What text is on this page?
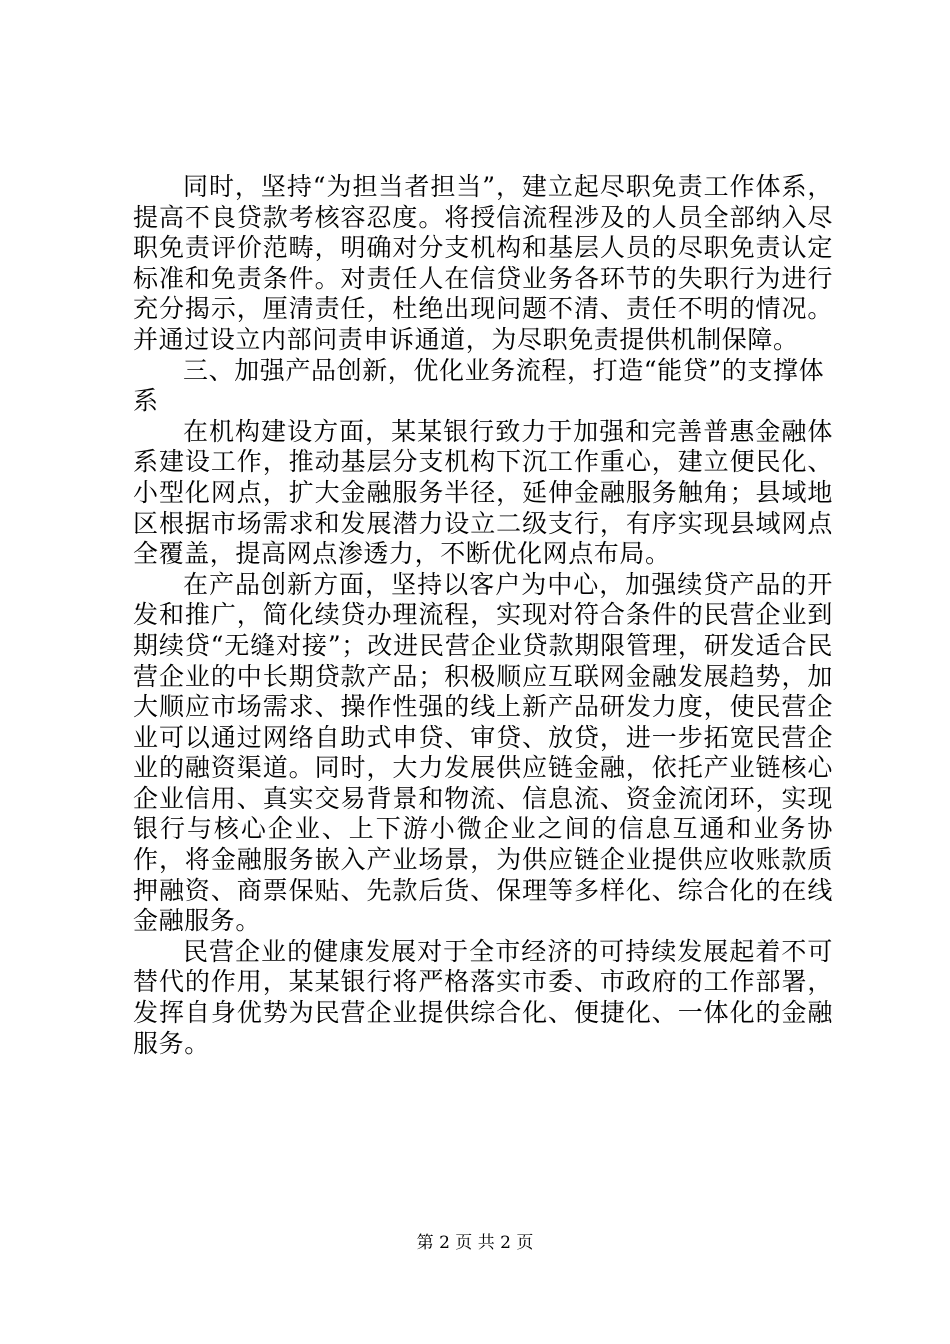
同时，坚持“为担当者担当”，建立起尽职免责工作体系，提高不良贷款考核容忍度。将授信流程涉及的人员全部纳入尽职免责评价范畴，明确对分支机构和基层人员的尽职免责认定标准和免责条件。对责任人在信贷业务各环节的失职行为进行充分揭示，厘清责任，杜绝出现问题不清、责任不明的情况。并通过设立内部问责申诉通道，为尽职免责提供机制保障。

三、加强产品创新，优化业务流程，打造“能贷”的支撑体系

在机构建设方面，某某银行致力于加强和完善普惠金融体系建设工作，推动基层分支机构下沉工作重心，建立便民化、小型化网点，扩大金融服务半径，延伸金融服务触角；县域地区根据市场需求和发展潜力设立二级支行，有序实现县域网点全覆盖，提高网点渗透力，不断优化网点布局。

在产品创新方面，坚持以客户为中心，加强续贷产品的开发和推广，简化续贷办理流程，实现对符合条件的民营企业到期续贷“无缝对接”；改进民营企业贷款期限管理，研发适合民营企业的中长期贷款产品；积极顺应互联网金融发展趋势，加大顺应市场需求、操作性强的线上新产品研发力度，使民营企业可以通过网络自助式申贷、审贷、放贷，进一步拓宽民营企业的融资渠道。同时，大力发展供应链金融，依托产业链核心企业信用、真实交易背景和物流、信息流、资金流闭环，实现银行与核心企业、上下游小微企业之间的信息互通和业务协作，将金融服务嵌入产业场景，为供应链企业提供应收账款质押融资、商票保贴、先款后货、保理等多样化、综合化的在线金融服务。

民营企业的健康发展对于全市经济的可持续发展起着不可替代的作用，某某银行将严格落实市委、市政府的工作部署，发挥自身优势为民营企业提供综合化、便捷化、一体化的金融服务。

第 2 页 共 2 页
